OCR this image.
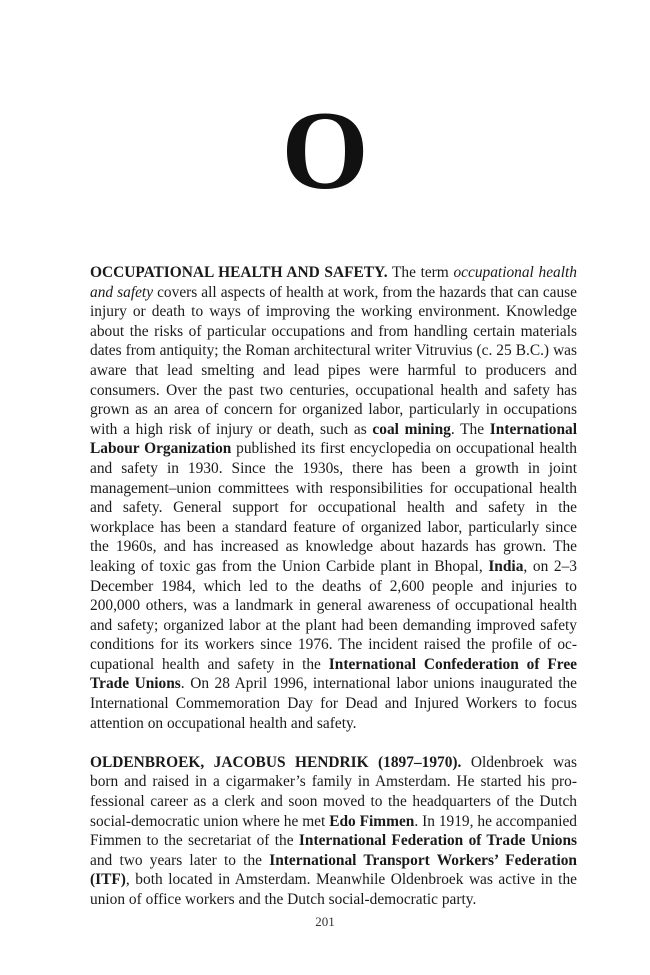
O

OCCUPATIONAL HEALTH AND SAFETY. The term occupational health and safety covers all aspects of health at work, from the hazards that can cause injury or death to ways of improving the working environment. Knowledge about the risks of particular occupations and from handling certain materials dates from antiquity; the Roman architectural writer Vitruvius (c. 25 B.C.) was aware that lead smelting and lead pipes were harmful to producers and consumers. Over the past two centuries, occupational health and safety has grown as an area of concern for organized labor, particularly in occupations with a high risk of injury or death, such as coal mining. The International Labour Organization published its first encyclopedia on occupational health and safety in 1930. Since the 1930s, there has been a growth in joint management–union committees with responsibilities for occupational health and safety. General support for occupational health and safety in the workplace has been a standard feature of organized labor, particularly since the 1960s, and has increased as knowledge about hazards has grown. The leaking of toxic gas from the Union Carbide plant in Bhopal, India, on 2–3 December 1984, which led to the deaths of 2,600 people and injuries to 200,000 others, was a landmark in general awareness of occupational health and safety; organized labor at the plant had been demanding improved safety conditions for its workers since 1976. The incident raised the profile of occupational health and safety in the International Confederation of Free Trade Unions. On 28 April 1996, international labor unions inaugurated the International Commemoration Day for Dead and Injured Workers to focus attention on occupational health and safety.

OLDENBROEK, JACOBUS HENDRIK (1897–1970). Oldenbroek was born and raised in a cigarmaker’s family in Amsterdam. He started his professional career as a clerk and soon moved to the headquarters of the Dutch social-democratic union where he met Edo Fimmen. In 1919, he accompanied Fimmen to the secretariat of the International Federation of Trade Unions and two years later to the International Transport Workers’ Federation (ITF), both located in Amsterdam. Meanwhile Oldenbroek was active in the union of office workers and the Dutch social-democratic party.

201
